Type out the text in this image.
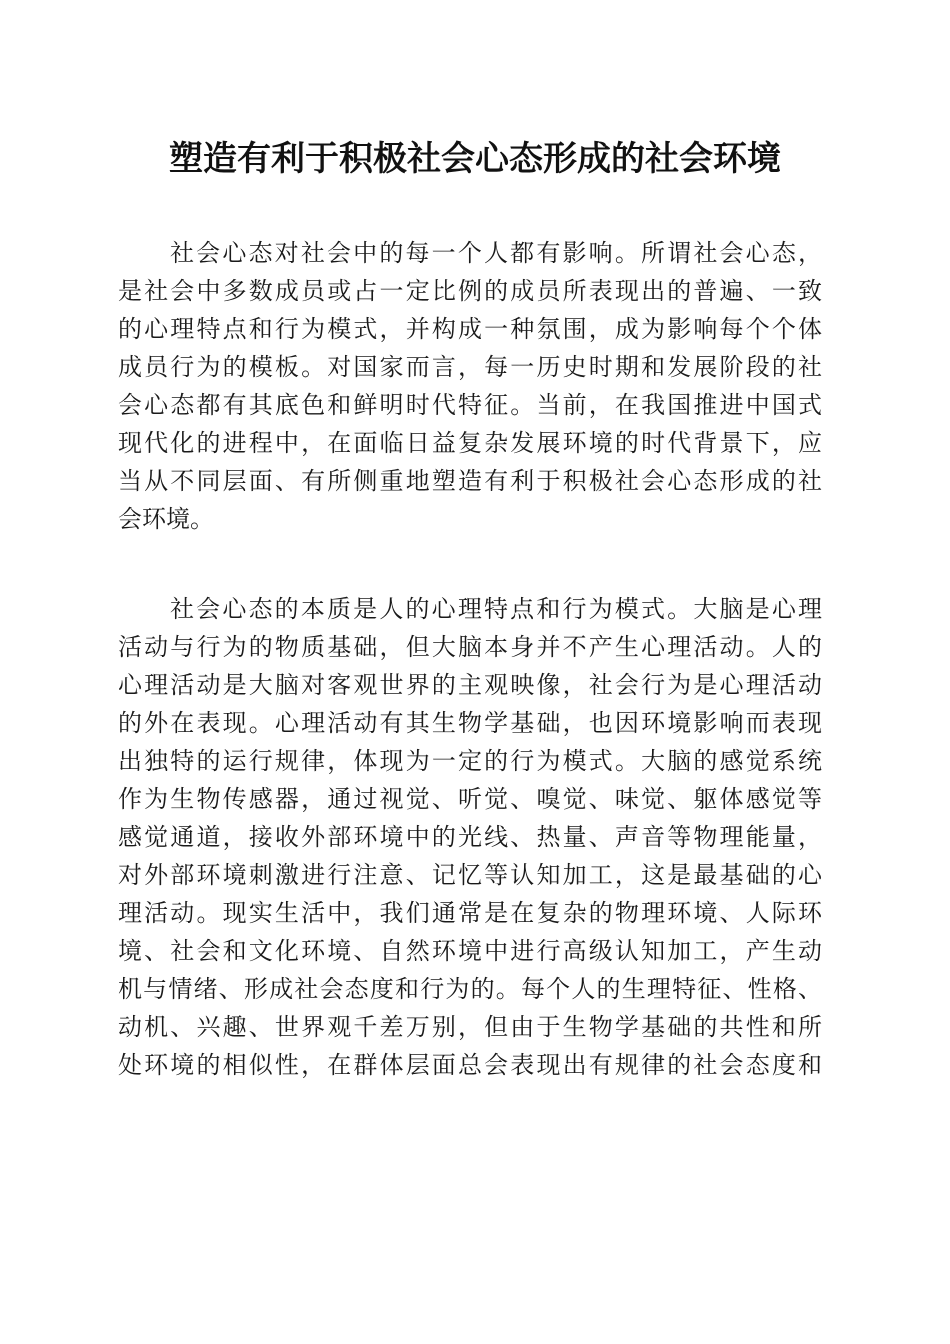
塑造有利于积极社会心态形成的社会环境
社会心态对社会中的每一个人都有影响。所谓社会心态，
是社会中多数成员或占一定比例的成员所表现出的普遍、一致
的心理特点和行为模式，并构成一种氛围，成为影响每个个体
成员行为的模板。对国家而言，每一历史时期和发展阶段的社
会心态都有其底色和鲜明时代特征。当前，在我国推进中国式
现代化的进程中，在面临日益复杂发展环境的时代背景下，应
当从不同层面、有所侧重地塑造有利于积极社会心态形成的社
会环境。
社会心态的本质是人的心理特点和行为模式。大脑是心理
活动与行为的物质基础，但大脑本身并不产生心理活动。人的
心理活动是大脑对客观世界的主观映像，社会行为是心理活动
的外在表现。心理活动有其生物学基础，也因环境影响而表现
出独特的运行规律，体现为一定的行为模式。大脑的感觉系统
作为生物传感器，通过视觉、听觉、嗅觉、味觉、躯体感觉等
感觉通道，接收外部环境中的光线、热量、声音等物理能量，
对外部环境刺激进行注意、记忆等认知加工，这是最基础的心
理活动。现实生活中，我们通常是在复杂的物理环境、人际环
境、社会和文化环境、自然环境中进行高级认知加工，产生动
机与情绪、形成社会态度和行为的。每个人的生理特征、性格、
动机、兴趣、世界观千差万别，但由于生物学基础的共性和所
处环境的相似性，在群体层面总会表现出有规律的社会态度和
